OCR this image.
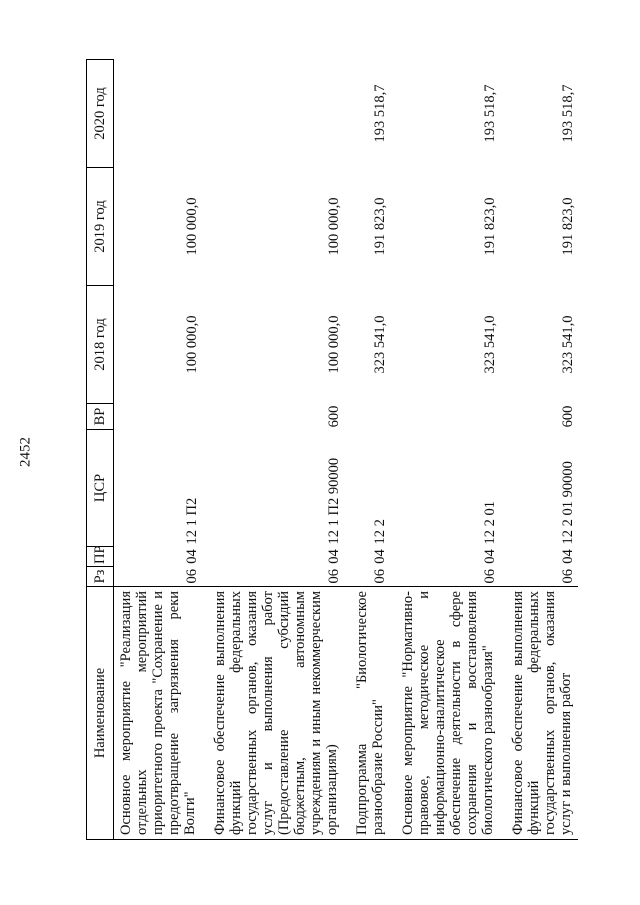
2452
Наименование	Рз	ПР	ЦСР	ВР	2018 год	2019 год	2020 год
Основное мероприятие "Реализация отдельных мероприятий приоритетного проекта "Сохранение и предотвращение загрязнения реки Волги"	06	04	12 1 П2		100 000,0	100 000,0	
Финансовое обеспечение выполнения функций федеральных государственных органов, оказания услуг и выполнения работ (Предоставление субсидий бюджетным, автономным учреждениям и иным некоммерческим организациям)	06	04	12 1 П2 90000	600	100 000,0	100 000,0	
Подпрограмма "Биологическое разнообразие России"	06	04	12 2		323 541,0	191 823,0	193 518,7
Основное мероприятие "Нормативно-правовое, методическое и информационно-аналитическое обеспечение деятельности в сфере сохранения и восстановления биологического разнообразия"	06	04	12 2 01		323 541,0	191 823,0	193 518,7
Финансовое обеспечение выполнения функций федеральных государственных органов, оказания услуг и выполнения работ	06	04	12 2 01 90000	600	323 541,0	191 823,0	193 518,7
